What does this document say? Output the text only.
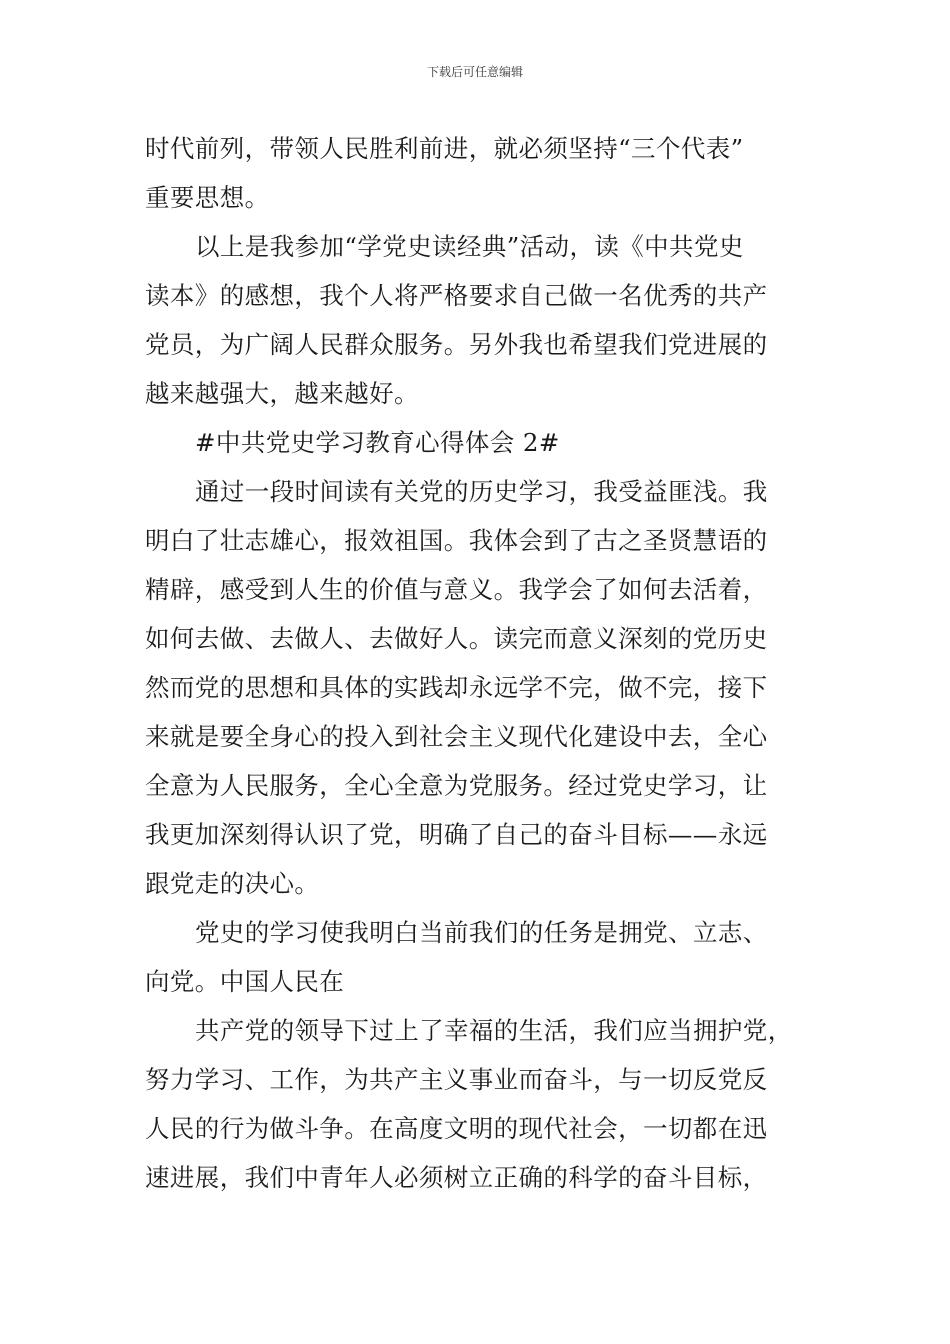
下载后可任意编辑
时代前列，带领人民胜利前进，就必须坚持“三个代表”
重要思想。
以上是我参加“学党史读经典”活动，读《中共党史
读本》的感想，我个人将严格要求自己做一名优秀的共产
党员，为广阔人民群众服务。另外我也希望我们党进展的
越来越强大，越来越好。
#中共党史学习教育心得体会 2#
通过一段时间读有关党的历史学习，我受益匪浅。我
明白了壮志雄心，报效祖国。我体会到了古之圣贤慧语的
精辟，感受到人生的价值与意义。我学会了如何去活着，
如何去做、去做人、去做好人。读完而意义深刻的党历史
然而党的思想和具体的实践却永远学不完，做不完，接下
来就是要全身心的投入到社会主义现代化建设中去，全心
全意为人民服务，全心全意为党服务。经过党史学习，让
我更加深刻得认识了党，明确了自己的奋斗目标——永远
跟党走的决心。
党史的学习使我明白当前我们的任务是拥党、立志、
向党。中国人民在
共产党的领导下过上了幸福的生活，我们应当拥护党，
努力学习、工作，为共产主义事业而奋斗，与一切反党反
人民的行为做斗争。在高度文明的现代社会，一切都在迅
速进展，我们中青年人必须树立正确的科学的奋斗目标，
